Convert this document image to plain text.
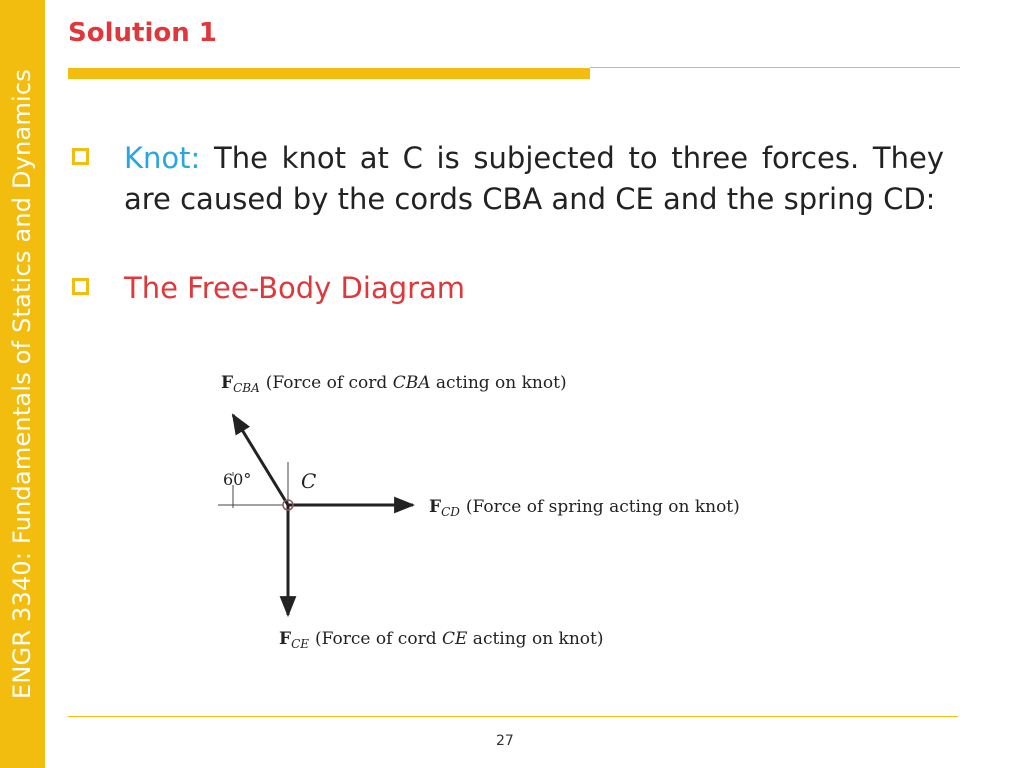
ENGR 3340: Fundamentals of Statics and Dynamics
Solution 1
Knot: The knot at C is subjected to three forces. They are caused by the cords CBA and CE and the spring CD:
The Free-Body Diagram
60° C
$F_{CBA}$ (Force of cord CBA acting on knot)
$F_{CD}$ (Force of spring acting on knot)
$F_{CE}$ (Force of cord CE acting on knot)
27
